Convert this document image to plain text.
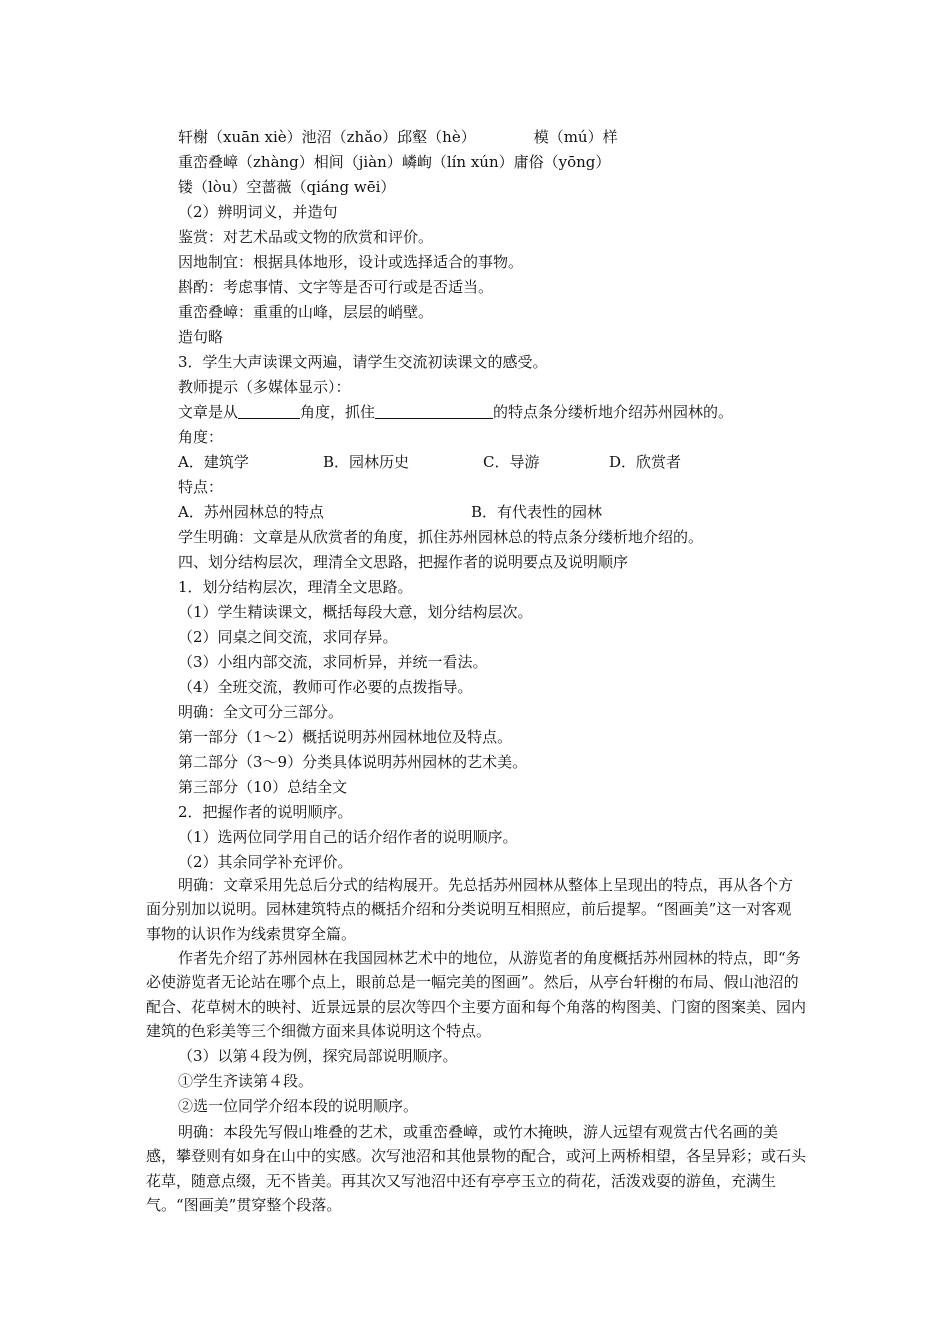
轩榭（xuān xiè）池沼（zhǎo）邱壑（hè）	模（mú）样
重峦叠嶂（zhàng）相间（jiàn）嶙峋（lín xún）庸俗（yōng）
镂（lòu）空蔷薇（qiáng wēi）
（2）辨明词义，并造句
鉴赏：对艺术品或文物的欣赏和评价。
因地制宜：根据具体地形，设计或选择适合的事物。
斟酌：考虑事情、文字等是否可行或是否适当。
重峦叠嶂：重重的山峰，层层的峭壁。
造句略
3．学生大声读课文两遍，请学生交流初读课文的感受。
教师提示（多媒体显示）：
文章是从	角度，抓住	的特点条分缕析地介绍苏州园林的。
角度：
A．建筑学	B．园林历史	C．导游	D．欣赏者
特点：
A．苏州园林总的特点	B．有代表性的园林
学生明确：文章是从欣赏者的角度，抓住苏州园林总的特点条分缕析地介绍的。
四、划分结构层次，理清全文思路，把握作者的说明要点及说明顺序
1．划分结构层次，理清全文思路。
（1）学生精读课文，概括每段大意，划分结构层次。
（2）同桌之间交流，求同存异。
（3）小组内部交流，求同析异，并统一看法。
（4）全班交流，教师可作必要的点拨指导。
明确：全文可分三部分。
第一部分（1～2）概括说明苏州园林地位及特点。
第二部分（3～9）分类具体说明苏州园林的艺术美。
第三部分（10）总结全文
2．把握作者的说明顺序。
（1）选两位同学用自己的话介绍作者的说明顺序。
（2）其余同学补充评价。
明确：文章采用先总后分式的结构展开。先总括苏州园林从整体上呈现出的特点，再从各个方面分别加以说明。园林建筑特点的概括介绍和分类说明互相照应，前后提挈。“图画美”这一对客观事物的认识作为线索贯穿全篇。
作者先介绍了苏州园林在我国园林艺术中的地位，从游览者的角度概括苏州园林的特点，即“务必使游览者无论站在哪个点上，眼前总是一幅完美的图画”。然后，从亭台轩榭的布局、假山池沼的配合、花草树木的映衬、近景远景的层次等四个主要方面和每个角落的构图美、门窗的图案美、园内建筑的色彩美等三个细微方面来具体说明这个特点。
（3）以第４段为例，探究局部说明顺序。
①学生齐读第４段。
②选一位同学介绍本段的说明顺序。
明确：本段先写假山堆叠的艺术，或重峦叠嶂，或竹木掩映，游人远望有观赏古代名画的美感，攀登则有如身在山中的实感。次写池沼和其他景物的配合，或河上两桥相望，各呈异彩；或石头花草，随意点缀，无不皆美。再其次又写池沼中还有亭亭玉立的荷花，活泼戏耍的游鱼，充满生气。“图画美”贯穿整个段落。
